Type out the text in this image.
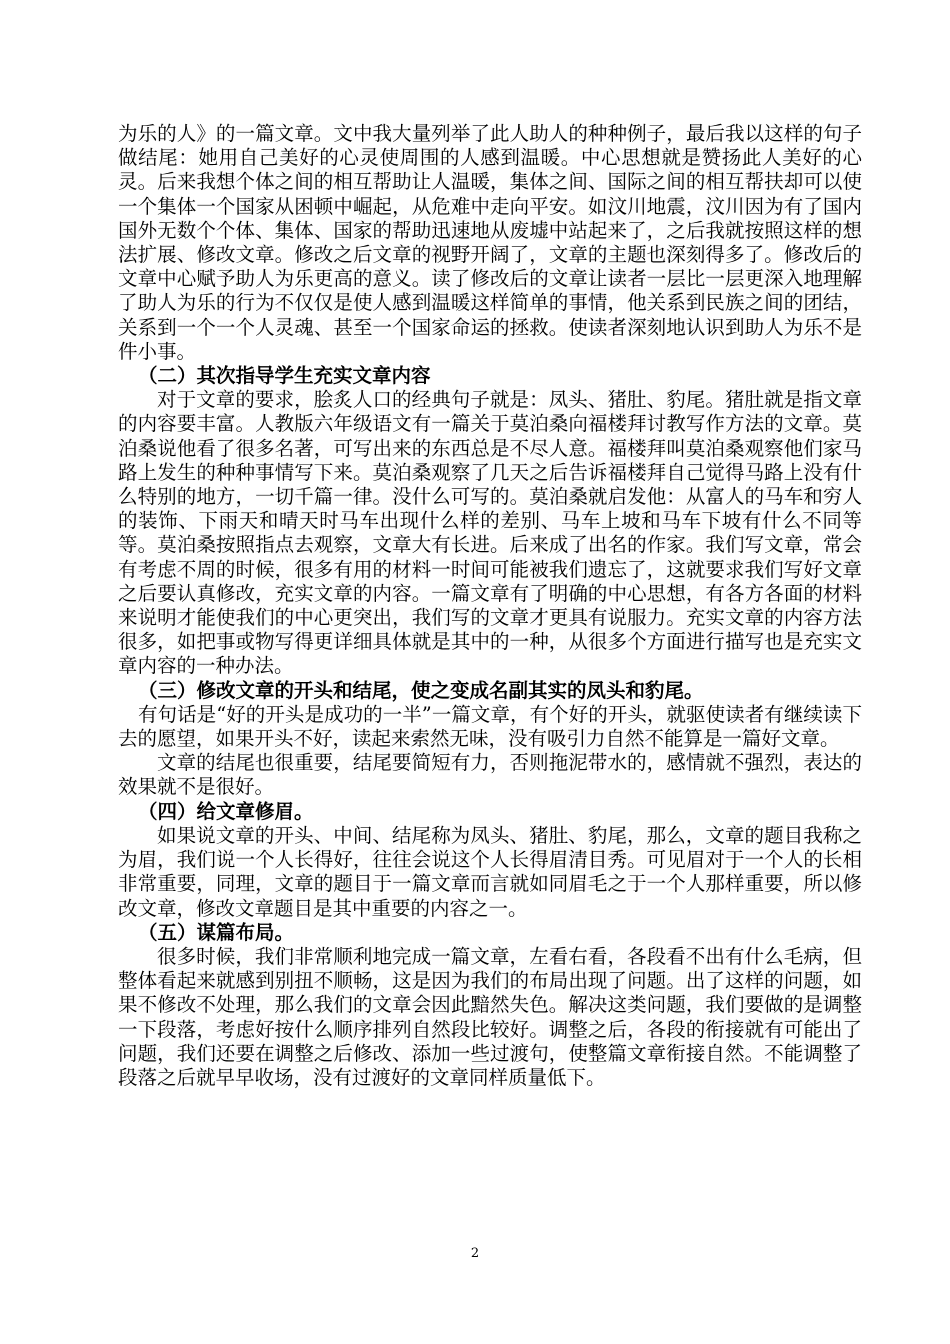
为乐的人》的一篇文章。文中我大量列举了此人助人的种种例子，最后我以这样的句子做结尾：她用自己美好的心灵使周围的人感到温暖。中心思想就是赞扬此人美好的心灵。后来我想个体之间的相互帮助让人温暖，集体之间、国际之间的相互帮扶却可以使一个集体一个国家从困顿中崛起，从危难中走向平安。如汶川地震，汶川因为有了国内国外无数个个体、集体、国家的帮助迅速地从废墟中站起来了，之后我就按照这样的想法扩展、修改文章。修改之后文章的视野开阔了，文章的主题也深刻得多了。修改后的文章中心赋予助人为乐更高的意义。读了修改后的文章让读者一层比一层更深入地理解了助人为乐的行为不仅仅是使人感到温暖这样简单的事情，他关系到民族之间的团结，关系到一个一个人灵魂、甚至一个国家命运的拯救。使读者深刻地认识到助人为乐不是件小事。

（二）其次指导学生充实文章内容

对于文章的要求，脍炙人口的经典句子就是：凤头、猪肚、豹尾。猪肚就是指文章的内容要丰富。人教版六年级语文有一篇关于莫泊桑向福楼拜讨教写作方法的文章。莫泊桑说他看了很多名著，可写出来的东西总是不尽人意。福楼拜叫莫泊桑观察他们家马路上发生的种种事情写下来。莫泊桑观察了几天之后告诉福楼拜自己觉得马路上没有什么特别的地方，一切千篇一律。没什么可写的。莫泊桑就启发他：从富人的马车和穷人的装饰、下雨天和晴天时马车出现什么样的差别、马车上坡和马车下坡有什么不同等等。莫泊桑按照指点去观察，文章大有长进。后来成了出名的作家。我们写文章，常会有考虑不周的时候，很多有用的材料一时间可能被我们遗忘了，这就要求我们写好文章之后要认真修改，充实文章的内容。一篇文章有了明确的中心思想，有各方各面的材料来说明才能使我们的中心更突出，我们写的文章才更具有说服力。充实文章的内容方法很多，如把事或物写得更详细具体就是其中的一种，从很多个方面进行描写也是充实文章内容的一种办法。

（三）修改文章的开头和结尾，使之变成名副其实的凤头和豹尾。

有句话是“好的开头是成功的一半”一篇文章，有个好的开头，就驱使读者有继续读下去的愿望，如果开头不好，读起来索然无味，没有吸引力自然不能算是一篇好文章。

文章的结尾也很重要，结尾要简短有力，否则拖泥带水的，感情就不强烈，表达的效果就不是很好。

（四）给文章修眉。

如果说文章的开头、中间、结尾称为凤头、猪肚、豹尾，那么，文章的题目我称之为眉，我们说一个人长得好，往往会说这个人长得眉清目秀。可见眉对于一个人的长相非常重要，同理，文章的题目于一篇文章而言就如同眉毛之于一个人那样重要，所以修改文章，修改文章题目是其中重要的内容之一。

（五）谋篇布局。

很多时候，我们非常顺利地完成一篇文章，左看右看，各段看不出有什么毛病，但整体看起来就感到别扭不顺畅，这是因为我们的布局出现了问题。出了这样的问题，如果不修改不处理，那么我们的文章会因此黯然失色。解决这类问题，我们要做的是调整一下段落，考虑好按什么顺序排列自然段比较好。调整之后，各段的衔接就有可能出了问题，我们还要在调整之后修改、添加一些过渡句，使整篇文章衔接自然。不能调整了段落之后就早早收场，没有过渡好的文章同样质量低下。

2
